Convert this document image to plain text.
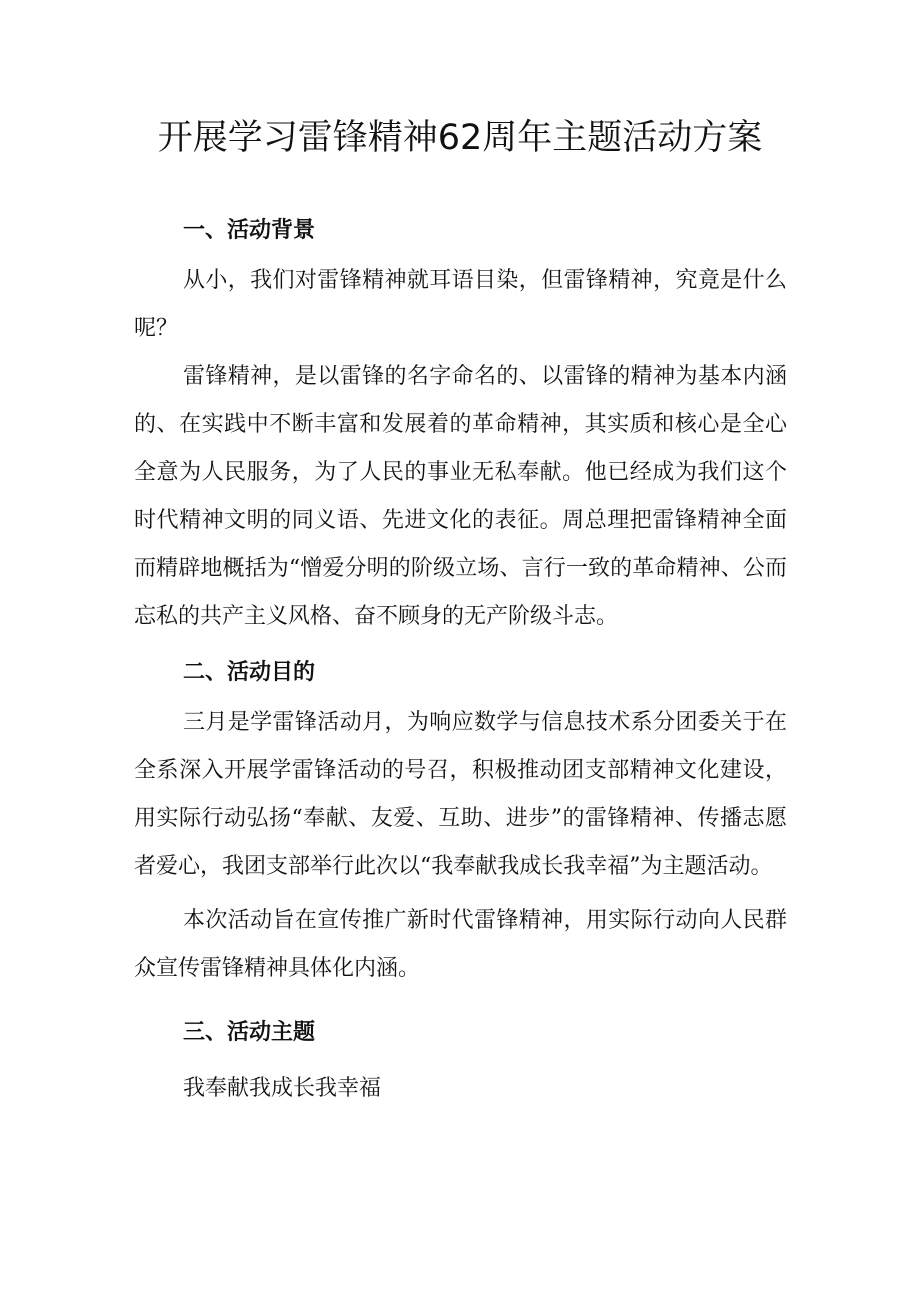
开展学习雷锋精神62周年主题活动方案
一、活动背景

从小，我们对雷锋精神就耳语目染，但雷锋精神，究竟是什么呢？

雷锋精神，是以雷锋的名字命名的、以雷锋的精神为基本内涵的、在实践中不断丰富和发展着的革命精神，其实质和核心是全心全意为人民服务，为了人民的事业无私奉献。他已经成为我们这个时代精神文明的同义语、先进文化的表征。周总理把雷锋精神全面而精辟地概括为“憎爱分明的阶级立场、言行一致的革命精神、公而忘私的共产主义风格、奋不顾身的无产阶级斗志。

二、活动目的

三月是学雷锋活动月，为响应数学与信息技术系分团委关于在全系深入开展学雷锋活动的号召，积极推动团支部精神文化建设，用实际行动弘扬“奉献、友爱、互助、进步”的雷锋精神、传播志愿者爱心，我团支部举行此次以“我奉献我成长我幸福”为主题活动。

本次活动旨在宣传推广新时代雷锋精神，用实际行动向人民群众宣传雷锋精神具体化内涵。

三、活动主题

我奉献我成长我幸福
